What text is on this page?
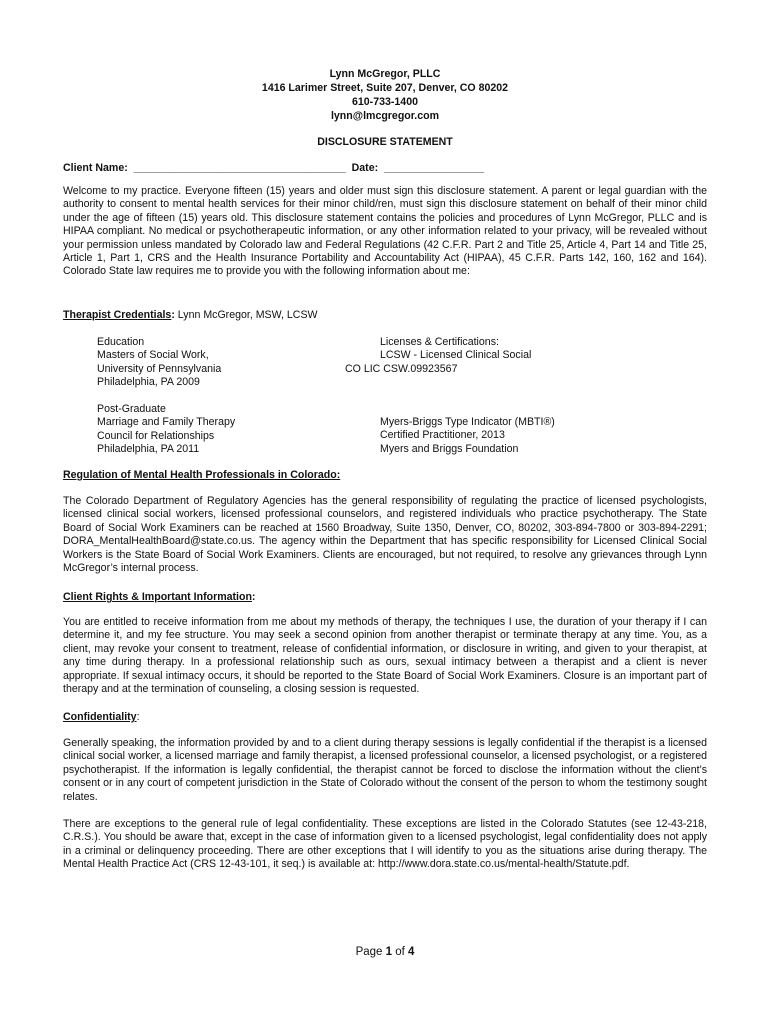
Lynn McGregor, PLLC
1416 Larimer Street, Suite 207, Denver, CO 80202
610-733-1400
lynn@lmcgregor.com
DISCLOSURE STATEMENT
Client Name:  ____________________________________  Date:  _________________
Welcome to my practice. Everyone fifteen (15) years and older must sign this disclosure statement. A parent or legal guardian with the authority to consent to mental health services for their minor child/ren, must sign this disclosure statement on behalf of their minor child under the age of fifteen (15) years old. This disclosure statement contains the policies and procedures of Lynn McGregor, PLLC and is HIPAA compliant. No medical or psychotherapeutic information, or any other information related to your privacy, will be revealed without your permission unless mandated by Colorado law and Federal Regulations (42 C.F.R. Part 2 and Title 25, Article 4, Part 14 and Title 25, Article 1, Part 1, CRS and the Health Insurance Portability and Accountability Act (HIPAA), 45 C.F.R. Parts 142, 160, 162 and 164). Colorado State law requires me to provide you with the following information about me:
Therapist Credentials: Lynn McGregor, MSW, LCSW
Education
Masters of Social Work,
University of Pennsylvania
Philadelphia, PA 2009
Licenses & Certifications:
LCSW - Licensed Clinical Social
CO LIC CSW.09923567
Post-Graduate
Marriage and Family Therapy
Council for Relationships
Philadelphia, PA 2011
Myers-Briggs Type Indicator (MBTI®)
Certified Practitioner, 2013
Myers and Briggs Foundation
Regulation of Mental Health Professionals in Colorado:
The Colorado Department of Regulatory Agencies has the general responsibility of regulating the practice of licensed psychologists, licensed clinical social workers, licensed professional counselors, and registered individuals who practice psychotherapy. The State Board of Social Work Examiners can be reached at 1560 Broadway, Suite 1350, Denver, CO, 80202, 303-894-7800 or 303-894-2291; DORA_MentalHealthBoard@state.co.us. The agency within the Department that has specific responsibility for Licensed Clinical Social Workers is the State Board of Social Work Examiners. Clients are encouraged, but not required, to resolve any grievances through Lynn McGregor’s internal process.
Client Rights & Important Information:
You are entitled to receive information from me about my methods of therapy, the techniques I use, the duration of your therapy if I can determine it, and my fee structure. You may seek a second opinion from another therapist or terminate therapy at any time. You, as a client, may revoke your consent to treatment, release of confidential information, or disclosure in writing, and given to your therapist, at any time during therapy. In a professional relationship such as ours, sexual intimacy between a therapist and a client is never appropriate. If sexual intimacy occurs, it should be reported to the State Board of Social Work Examiners. Closure is an important part of therapy and at the termination of counseling, a closing session is requested.
Confidentiality:
Generally speaking, the information provided by and to a client during therapy sessions is legally confidential if the therapist is a licensed clinical social worker, a licensed marriage and family therapist, a licensed professional counselor, a licensed psychologist, or a registered psychotherapist. If the information is legally confidential, the therapist cannot be forced to disclose the information without the client’s consent or in any court of competent jurisdiction in the State of Colorado without the consent of the person to whom the testimony sought relates.
There are exceptions to the general rule of legal confidentiality. These exceptions are listed in the Colorado Statutes (see 12-43-218, C.R.S.). You should be aware that, except in the case of information given to a licensed psychologist, legal confidentiality does not apply in a criminal or delinquency proceeding. There are other exceptions that I will identify to you as the situations arise during therapy. The Mental Health Practice Act (CRS 12-43-101, it seq.) is available at: http://www.dora.state.co.us/mental-health/Statute.pdf.
Page 1 of 4
